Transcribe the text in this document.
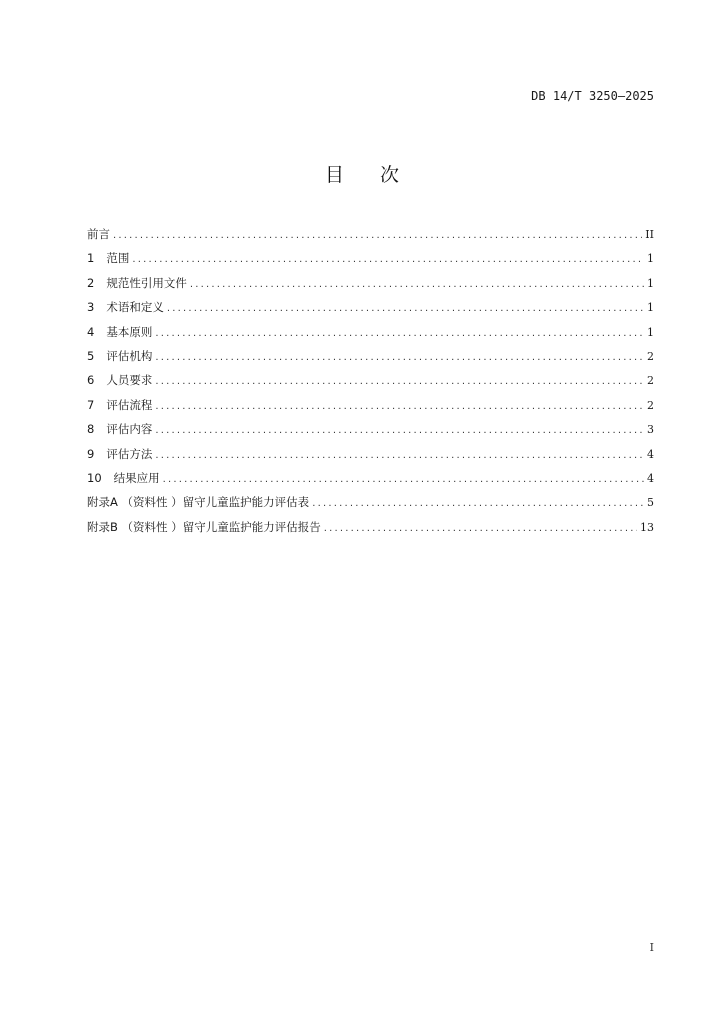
DB 14/T 3250—2025
目 次
前言 .....	II
1 范围 .....	1
2 规范性引用文件 .....	1
3 术语和定义 .....	1
4 基本原则 .....	1
5 评估机构 .....	2
6 人员要求 .....	2
7 评估流程 .....	2
8 评估内容 .....	3
9 评估方法 .....	4
10 结果应用 .....	4
附录A （资料性 ）留守儿童监护能力评估表 .....	5
附录B （资料性 ）留守儿童监护能力评估报告 .....	13
I
